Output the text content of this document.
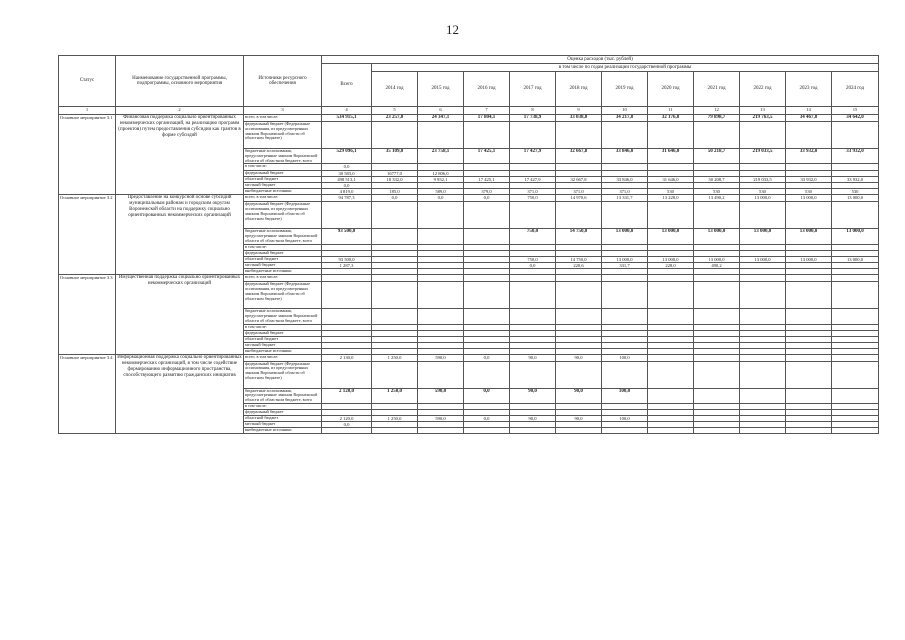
12
Статус	Наименование государственной программы, подпрограммы, основного мероприятия	Источники ресурсного обеспечения	Оценка расходов (тыс. рублей)											
			Всего	в том числе по годам реализации государственной программы										
				2014 год	2015 год	2016 год	2017 год	2018 год	2019 год	2020 год	2021 год	2022 год	2023 год	2024 год
1	2	3	4	5	6	7	8	9	10	11	12	13	14	15
Основное мероприятие 3.1	Финансовая поддержка социально ориентированных некоммерческих организаций, на реализацию программ (проектов) путем предоставления субсидии как грантов в форме субсидий	всего, в том числе:	534 915,1	23 257,0	24 347,1	17 804,1	17 738,9	33 038,0	34 217,0	32 176,8	79 898,7	219 763,5	34 467,0	34 642,0
		федеральный бюджет (Федеральные ассигнования, из предусмотренных законом Воронежской области об областном бюджете)												
		бюджетные ассигнования, предусмотренные законом Воронежской области об областном бюджете, всего	529 096,1	35 109,0	23 758,1	17 425,1	17 427,9	32 667,8	33 846,0	31 646,0	50 218,7	219 033,5	33 932,0	33 932,0
		в том числе:	0,0											
		федеральный бюджет	30 583,0	16777,0	12 806,0									
		областной бюджет	498 513,1	18 332,0	9 952,1	17 425,1	17 427,9	32 667,8	33 846,0	31 646,0	50 208,7	219 033,5	33 932,0	33 932,0
		местный бюджет	0,0											
		внебюджетные источники	4 819,0	185,0	589,0	379,0	371,0	371,0	371,0	530	530	530	530	530
Основное мероприятие 3.2	Предоставление на конкурсной основе субсидий муниципальным районам и городским округам Воронежской области на поддержку социально ориентированных некоммерческих организаций	всего, в том числе:	94 787,3	0,0	0,0	0,0	750,0	14 970,6	13 331,7	13 228,0	13 490,2	13 000,0	13 000,0	13 000,0
		федеральный бюджет (Федеральные ассигнования, из предусмотренных законом Воронежской области об областном бюджете)												
		бюджетные ассигнования, предусмотренные законом Воронежской области об областном бюджете, всего	93 500,0				750,0	14 750,0	13 000,0	13 000,0	13 000,0	13 000,0	13 000,0	13 000,0
		в том числе:												
		федеральный бюджет												
		областной бюджет	93 500,0				750,0	14 750,0	13 000,0	13 000,0	13 000,0	13 000,0	13 000,0	13 000,0
		местный бюджет	1 287,3				0,0	220,6	331,7	228,0	490,2			
		внебюджетные источники												
Основное мероприятие 3.3	Имущественная поддержка социально ориентированных некоммерческих организаций	всего, в том числе:												
		федеральный бюджет (Федеральные ассигнования, из предусмотренных законом Воронежской области об областном бюджете)												
		бюджетные ассигнования, предусмотренные законом Воронежской области об областном бюджете, всего												
		в том числе:												
		федеральный бюджет												
		областной бюджет												
		местный бюджет												
		внебюджетные источники												
Основное мероприятие 3.4	Информационная поддержка социально ориентированных некоммерческих организаций, в том числе содействие формированию информационного пространства, способствующего развитию гражданских инициатив	всего, в том числе:	2 130,0	1 250,0	590,0	0,0	90,0	90,0	100,0					
		федеральный бюджет (Федеральные ассигнования, из предусмотренных законом Воронежской области об областном бюджете)												
		бюджетные ассигнования, предусмотренные законом Воронежской области об областном бюджете, всего	2 120,0	1 250,0	590,0	0,0	90,0	90,0	100,0					
		в том числе:												
		федеральный бюджет												
		областной бюджет	2 120,0	1 250,0	590,0	0,0	90,0	90,0	100,0					
		местный бюджет	0,0											
		внебюджетные источники												
